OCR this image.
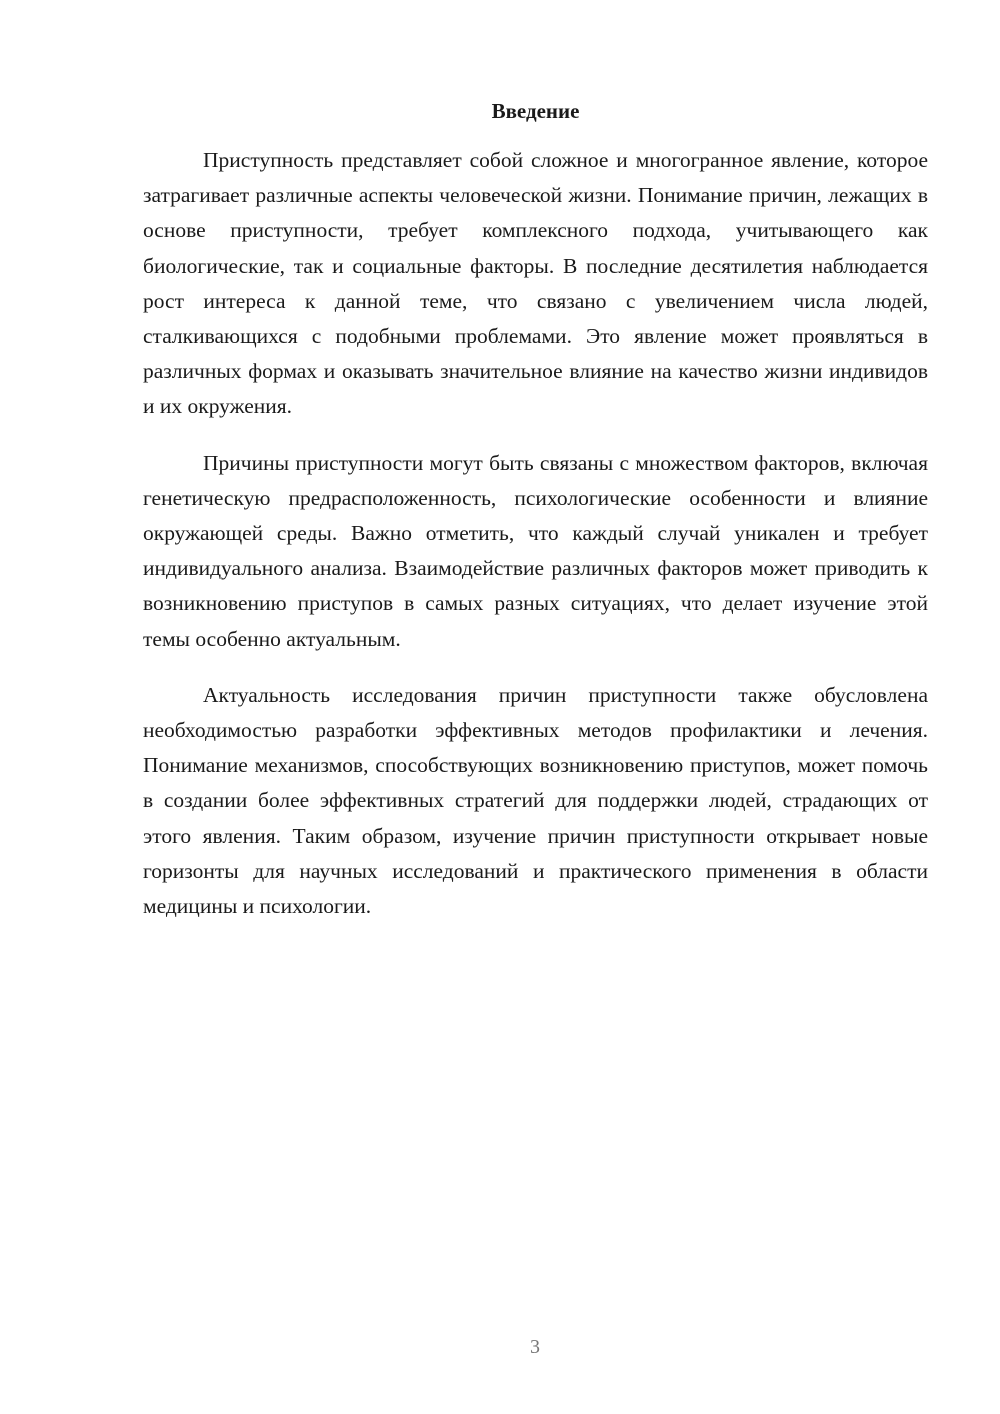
Введение

Приступность представляет собой сложное и многогранное явление, которое затрагивает различные аспекты человеческой жизни. Понимание причин, лежащих в основе приступности, требует комплексного подхода, учитывающего как биологические, так и социальные факторы. В последние десятилетия наблюдается рост интереса к данной теме, что связано с увеличением числа людей, сталкивающихся с подобными проблемами. Это явление может проявляться в различных формах и оказывать значительное влияние на качество жизни индивидов и их окружения.

Причины приступности могут быть связаны с множеством факторов, включая генетическую предрасположенность, психологические особенности и влияние окружающей среды. Важно отметить, что каждый случай уникален и требует индивидуального анализа. Взаимодействие различных факторов может приводить к возникновению приступов в самых разных ситуациях, что делает изучение этой темы особенно актуальным.

Актуальность исследования причин приступности также обусловлена необходимостью разработки эффективных методов профилактики и лечения. Понимание механизмов, способствующих возникновению приступов, может помочь в создании более эффективных стратегий для поддержки людей, страдающих от этого явления. Таким образом, изучение причин приступности открывает новые горизонты для научных исследований и практического применения в области медицины и психологии.

3
